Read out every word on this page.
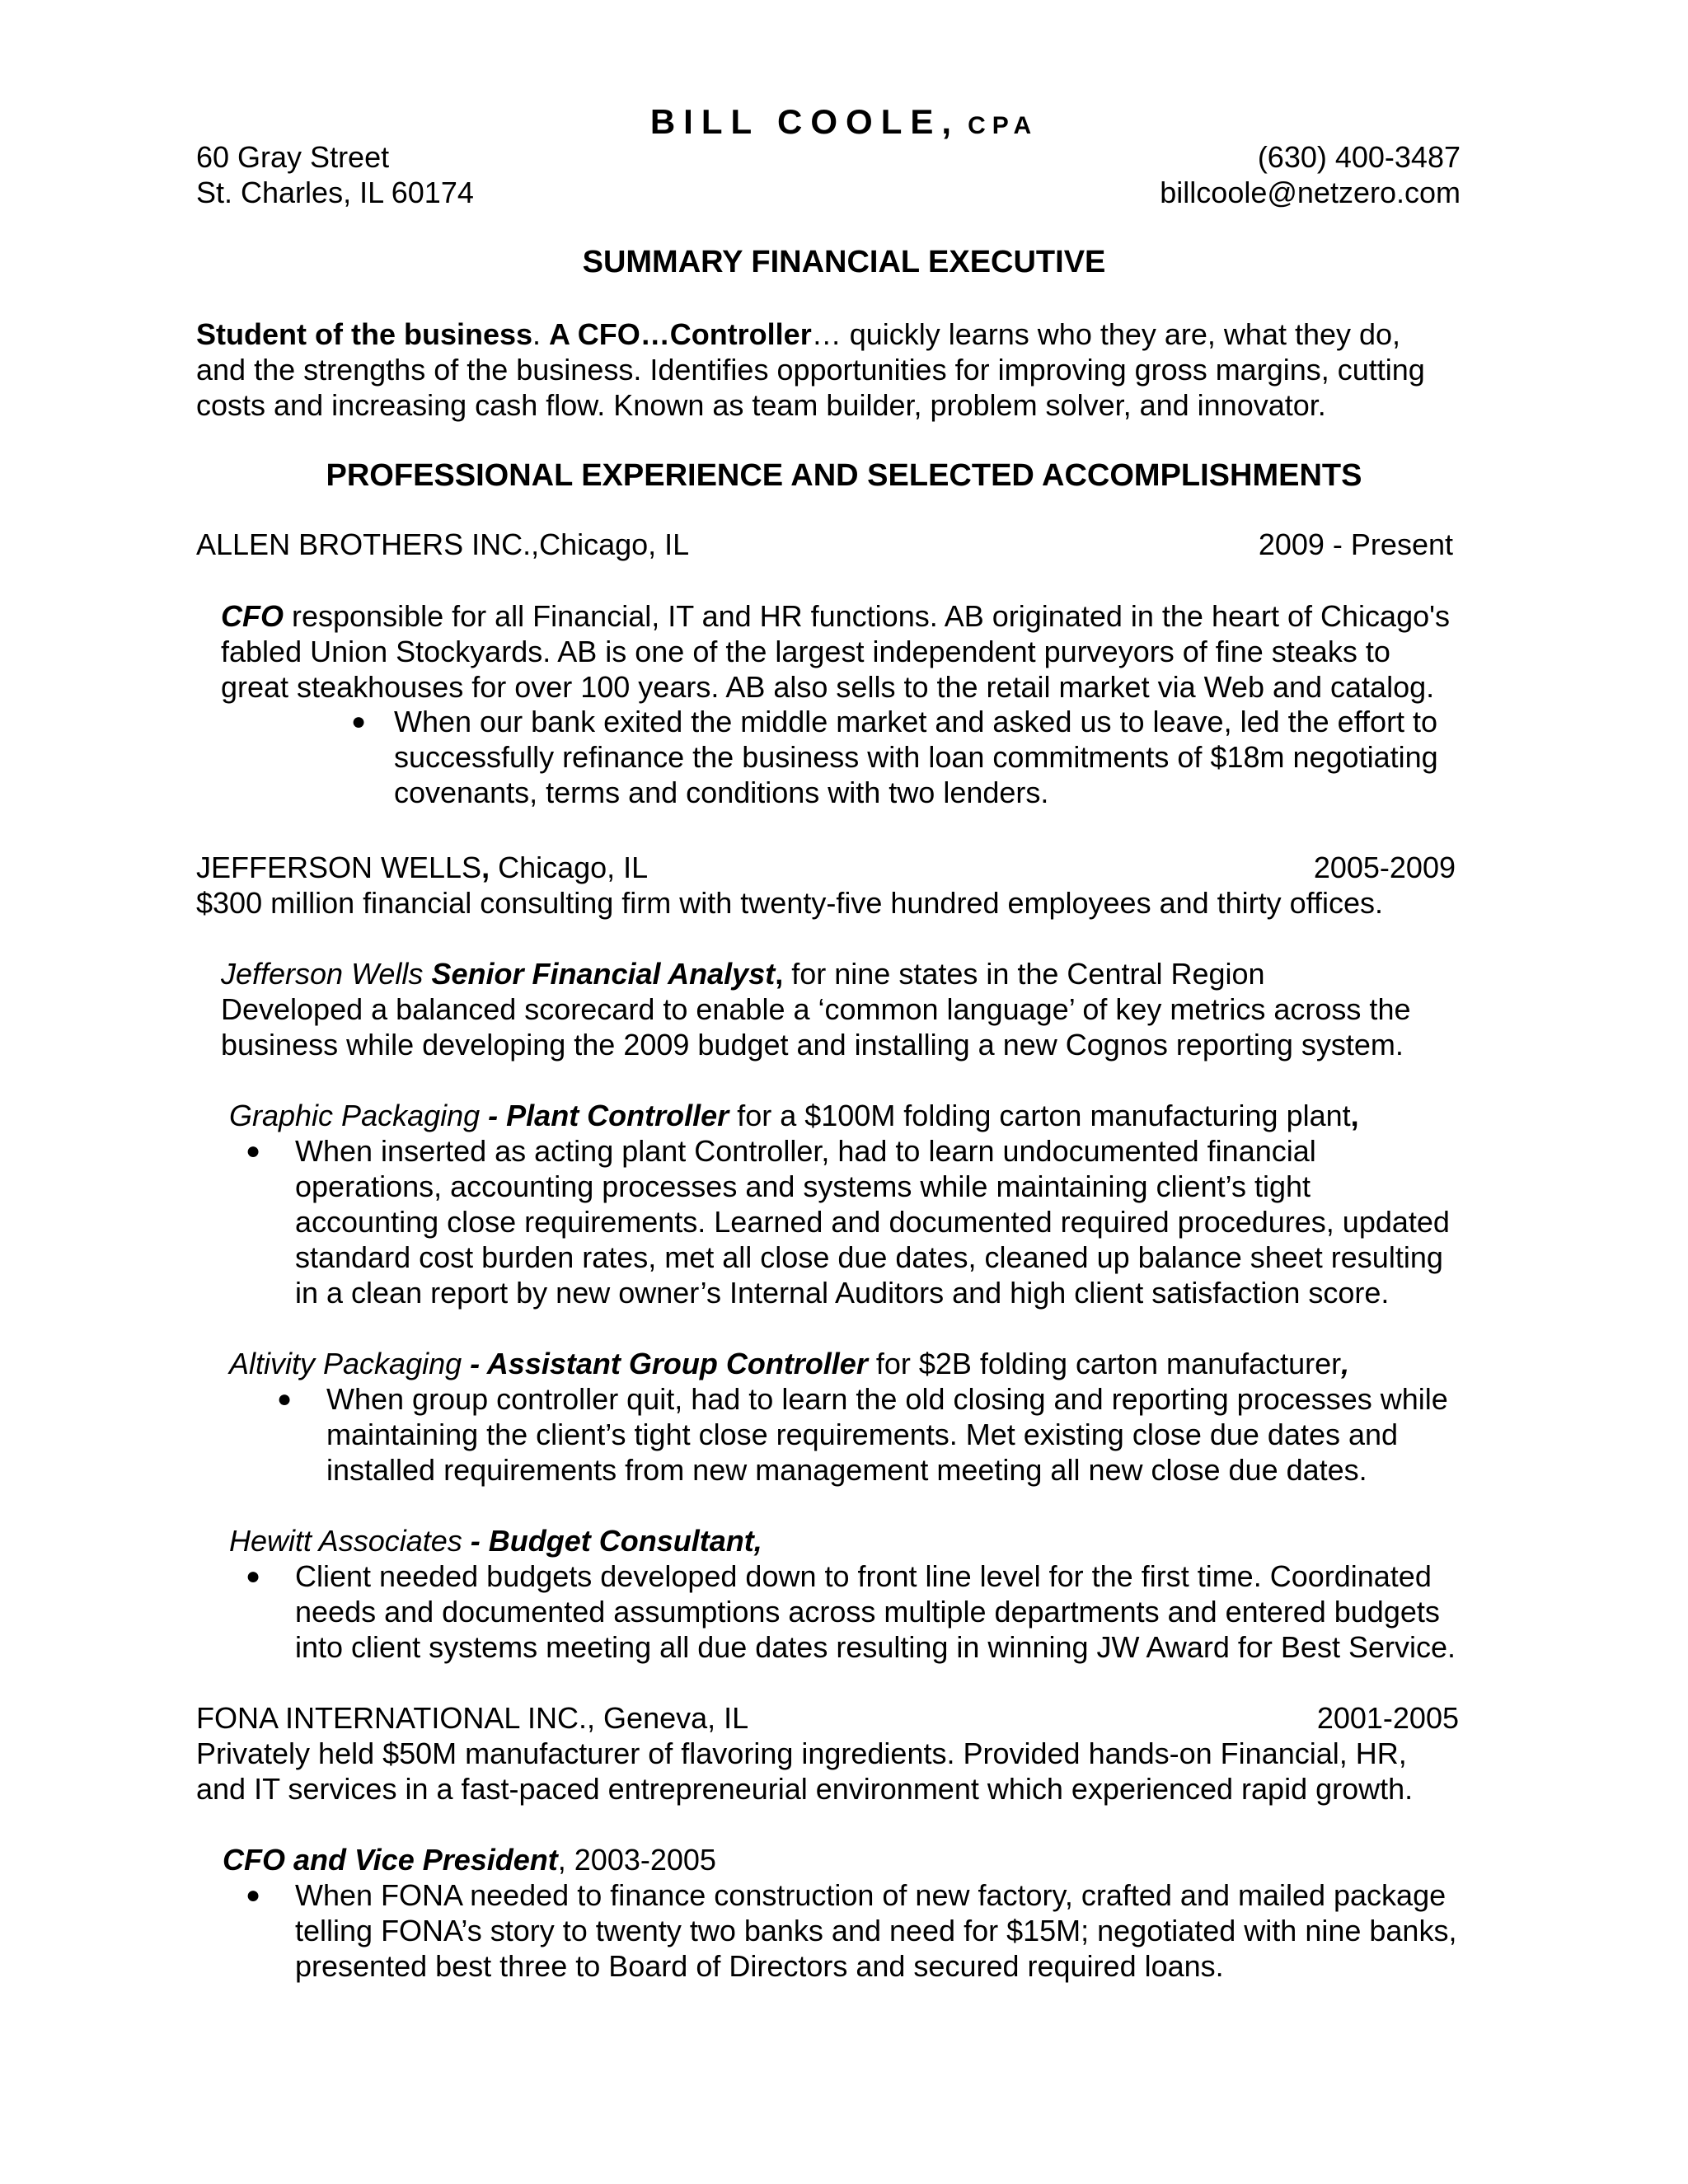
BILL COOLE, CPA
60 Gray Street
St. Charles, IL 60174
(630) 400-3487
billcoole@netzero.com
SUMMARY FINANCIAL EXECUTIVE
Student of the business. A CFO…Controller… quickly learns who they are, what they do,
and the strengths of the business. Identifies opportunities for improving gross margins, cutting
costs and increasing cash flow. Known as team builder, problem solver, and innovator.
PROFESSIONAL EXPERIENCE AND SELECTED ACCOMPLISHMENTS
ALLEN BROTHERS INC.,Chicago, IL	2009 - Present
CFO responsible for all Financial, IT and HR functions. AB originated in the heart of Chicago's
fabled Union Stockyards. AB is one of the largest independent purveyors of fine steaks to
great steakhouses for over 100 years. AB also sells to the retail market via Web and catalog.
● When our bank exited the middle market and asked us to leave, led the effort to
successfully refinance the business with loan commitments of $18m negotiating
covenants, terms and conditions with two lenders.
JEFFERSON WELLS, Chicago, IL	2005-2009
$300 million financial consulting firm with twenty-five hundred employees and thirty offices.
Jefferson Wells Senior Financial Analyst, for nine states in the Central Region
Developed a balanced scorecard to enable a ‘common language’ of key metrics across the
business while developing the 2009 budget and installing a new Cognos reporting system.
Graphic Packaging - Plant Controller for a $100M folding carton manufacturing plant,
● When inserted as acting plant Controller, had to learn undocumented financial
operations, accounting processes and systems while maintaining client’s tight
accounting close requirements. Learned and documented required procedures, updated
standard cost burden rates, met all close due dates, cleaned up balance sheet resulting
in a clean report by new owner’s Internal Auditors and high client satisfaction score.
Altivity Packaging - Assistant Group Controller for $2B folding carton manufacturer,
● When group controller quit, had to learn the old closing and reporting processes while
maintaining the client’s tight close requirements. Met existing close due dates and
installed requirements from new management meeting all new close due dates.
Hewitt Associates - Budget Consultant,
● Client needed budgets developed down to front line level for the first time. Coordinated
needs and documented assumptions across multiple departments and entered budgets
into client systems meeting all due dates resulting in winning JW Award for Best Service.
FONA INTERNATIONAL INC., Geneva, IL	2001-2005
Privately held $50M manufacturer of flavoring ingredients. Provided hands-on Financial, HR,
and IT services in a fast-paced entrepreneurial environment which experienced rapid growth.
CFO and Vice President, 2003-2005
● When FONA needed to finance construction of new factory, crafted and mailed package
telling FONA’s story to twenty two banks and need for $15M; negotiated with nine banks,
presented best three to Board of Directors and secured required loans.
